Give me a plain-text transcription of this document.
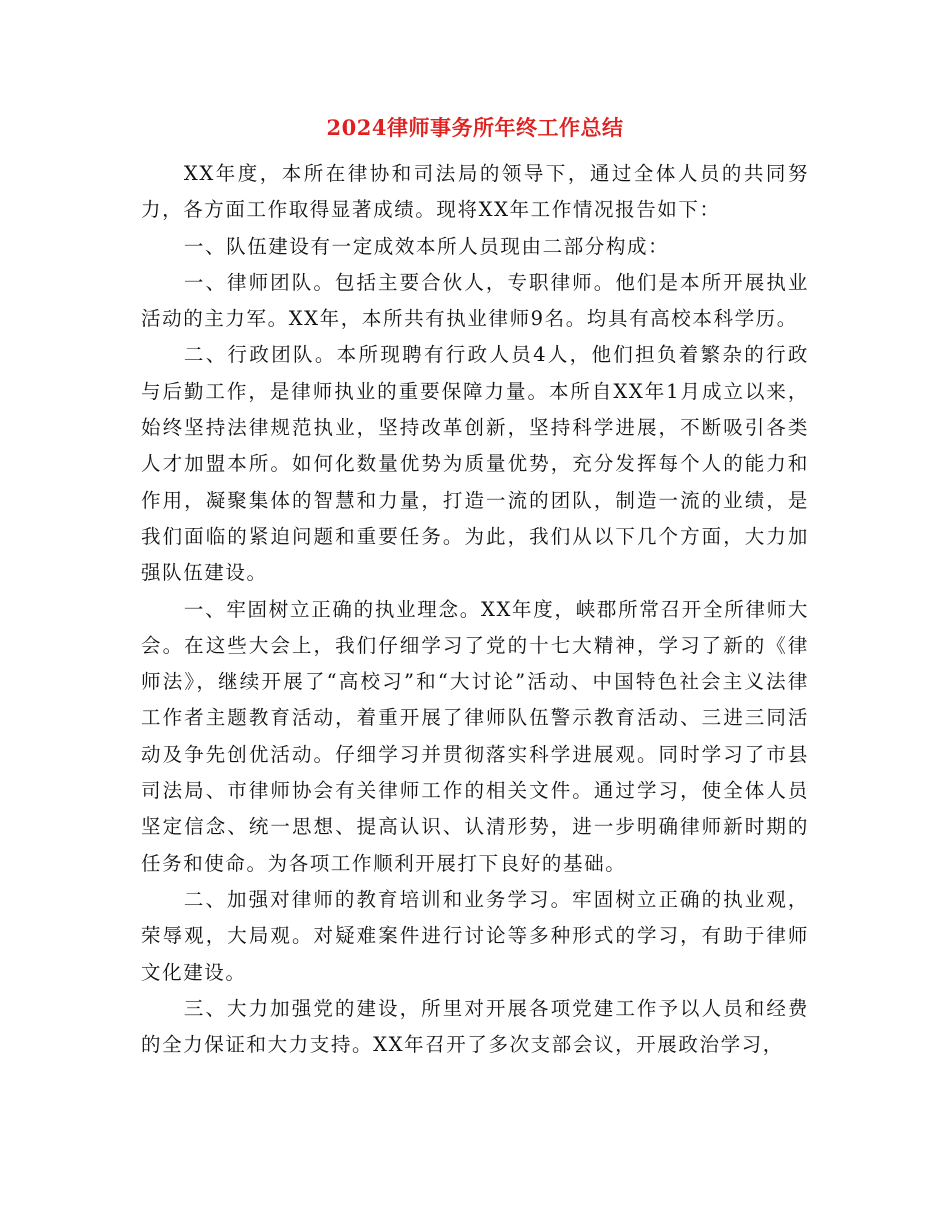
2024律师事务所年终工作总结

XX年度，本所在律协和司法局的领导下，通过全体人员的共同努力，各方面工作取得显著成绩。现将XX年工作情况报告如下：

一、队伍建设有一定成效本所人员现由二部分构成：

一、律师团队。包括主要合伙人，专职律师。他们是本所开展执业活动的主力军。XX年，本所共有执业律师9名。均具有高校本科学历。

二、行政团队。本所现聘有行政人员4人，他们担负着繁杂的行政与后勤工作，是律师执业的重要保障力量。本所自XX年1月成立以来，始终坚持法律规范执业，坚持改革创新，坚持科学进展，不断吸引各类人才加盟本所。如何化数量优势为质量优势，充分发挥每个人的能力和作用，凝聚集体的智慧和力量，打造一流的团队，制造一流的业绩，是我们面临的紧迫问题和重要任务。为此，我们从以下几个方面，大力加强队伍建设。

一、牢固树立正确的执业理念。XX年度，峡郡所常召开全所律师大会。在这些大会上，我们仔细学习了党的十七大精神，学习了新的《律师法》，继续开展了“高校习”和“大讨论”活动、中国特色社会主义法律工作者主题教育活动，着重开展了律师队伍警示教育活动、三进三同活动及争先创优活动。仔细学习并贯彻落实科学进展观。同时学习了市县司法局、市律师协会有关律师工作的相关文件。通过学习，使全体人员坚定信念、统一思想、提高认识、认清形势，进一步明确律师新时期的任务和使命。为各项工作顺利开展打下良好的基础。

二、加强对律师的教育培训和业务学习。牢固树立正确的执业观，荣辱观，大局观。对疑难案件进行讨论等多种形式的学习，有助于律师文化建设。

三、大力加强党的建设，所里对开展各项党建工作予以人员和经费的全力保证和大力支持。XX年召开了多次支部会议，开展政治学习，
